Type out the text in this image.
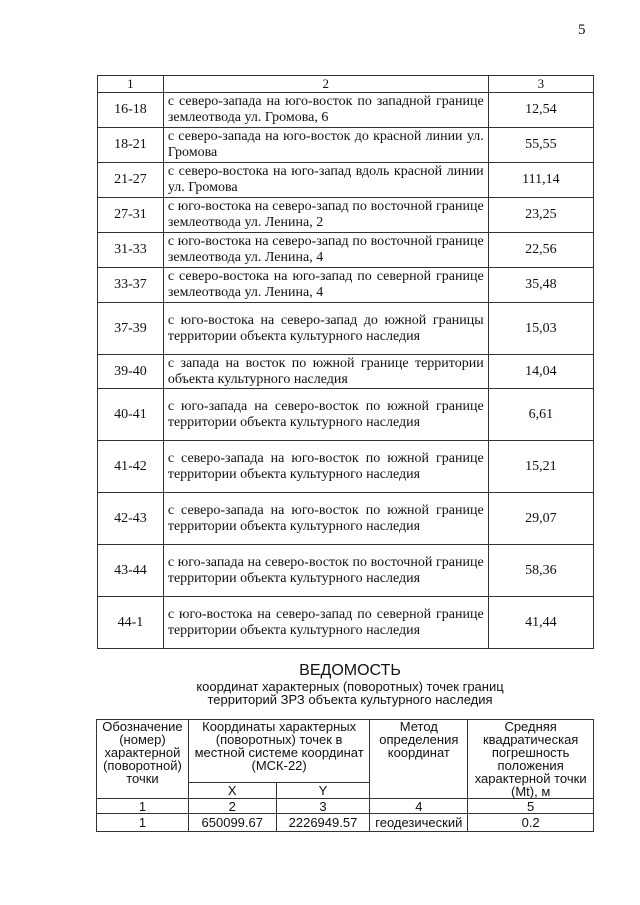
5
1	2	3
16-18	с северо-запада на юго-восток по западной границе землеотвода ул. Громова, 6	12,54
18-21	с северо-запада на юго-восток до красной линии ул. Громова	55,55
21-27	с северо-востока на юго-запад вдоль красной линии ул. Громова	111,14
27-31	с юго-востока на северо-запад по восточной границе землеотвода ул. Ленина, 2	23,25
31-33	с юго-востока на северо-запад по восточной границе землеотвода ул. Ленина, 4	22,56
33-37	с северо-востока на юго-запад по северной границе землеотвода ул. Ленина, 4	35,48
37-39	с юго-востока на северо-запад до южной границы территории объекта культурного наследия	15,03
39-40	с запада на восток по южной границе территории объекта культурного наследия	14,04
40-41	с юго-запада на северо-восток по южной границе территории объекта культурного наследия	6,61
41-42	с северо-запада на юго-восток по южной границе территории объекта культурного наследия	15,21
42-43	с северо-запада на юго-восток по южной границе территории объекта культурного наследия	29,07
43-44	с юго-запада на северо-восток по восточной границе территории объекта культурного наследия	58,36
44-1	с юго-востока на северо-запад по северной границе территории объекта культурного наследия	41,44
ВЕДОМОСТЬ
координат характерных (поворотных) точек границ
территорий ЗРЗ объекта культурного наследия
Обозначение (номер) характерной (поворотной) точки	Координаты характерных (поворотных) точек в местной системе координат (МСК-22)		Метод определения координат	Средняя квадратическая погрешность положения характерной точки (Mt), м
	X	Y		
1	2	3	4	5
1	650099.67	2226949.57	геодезический	0.2
